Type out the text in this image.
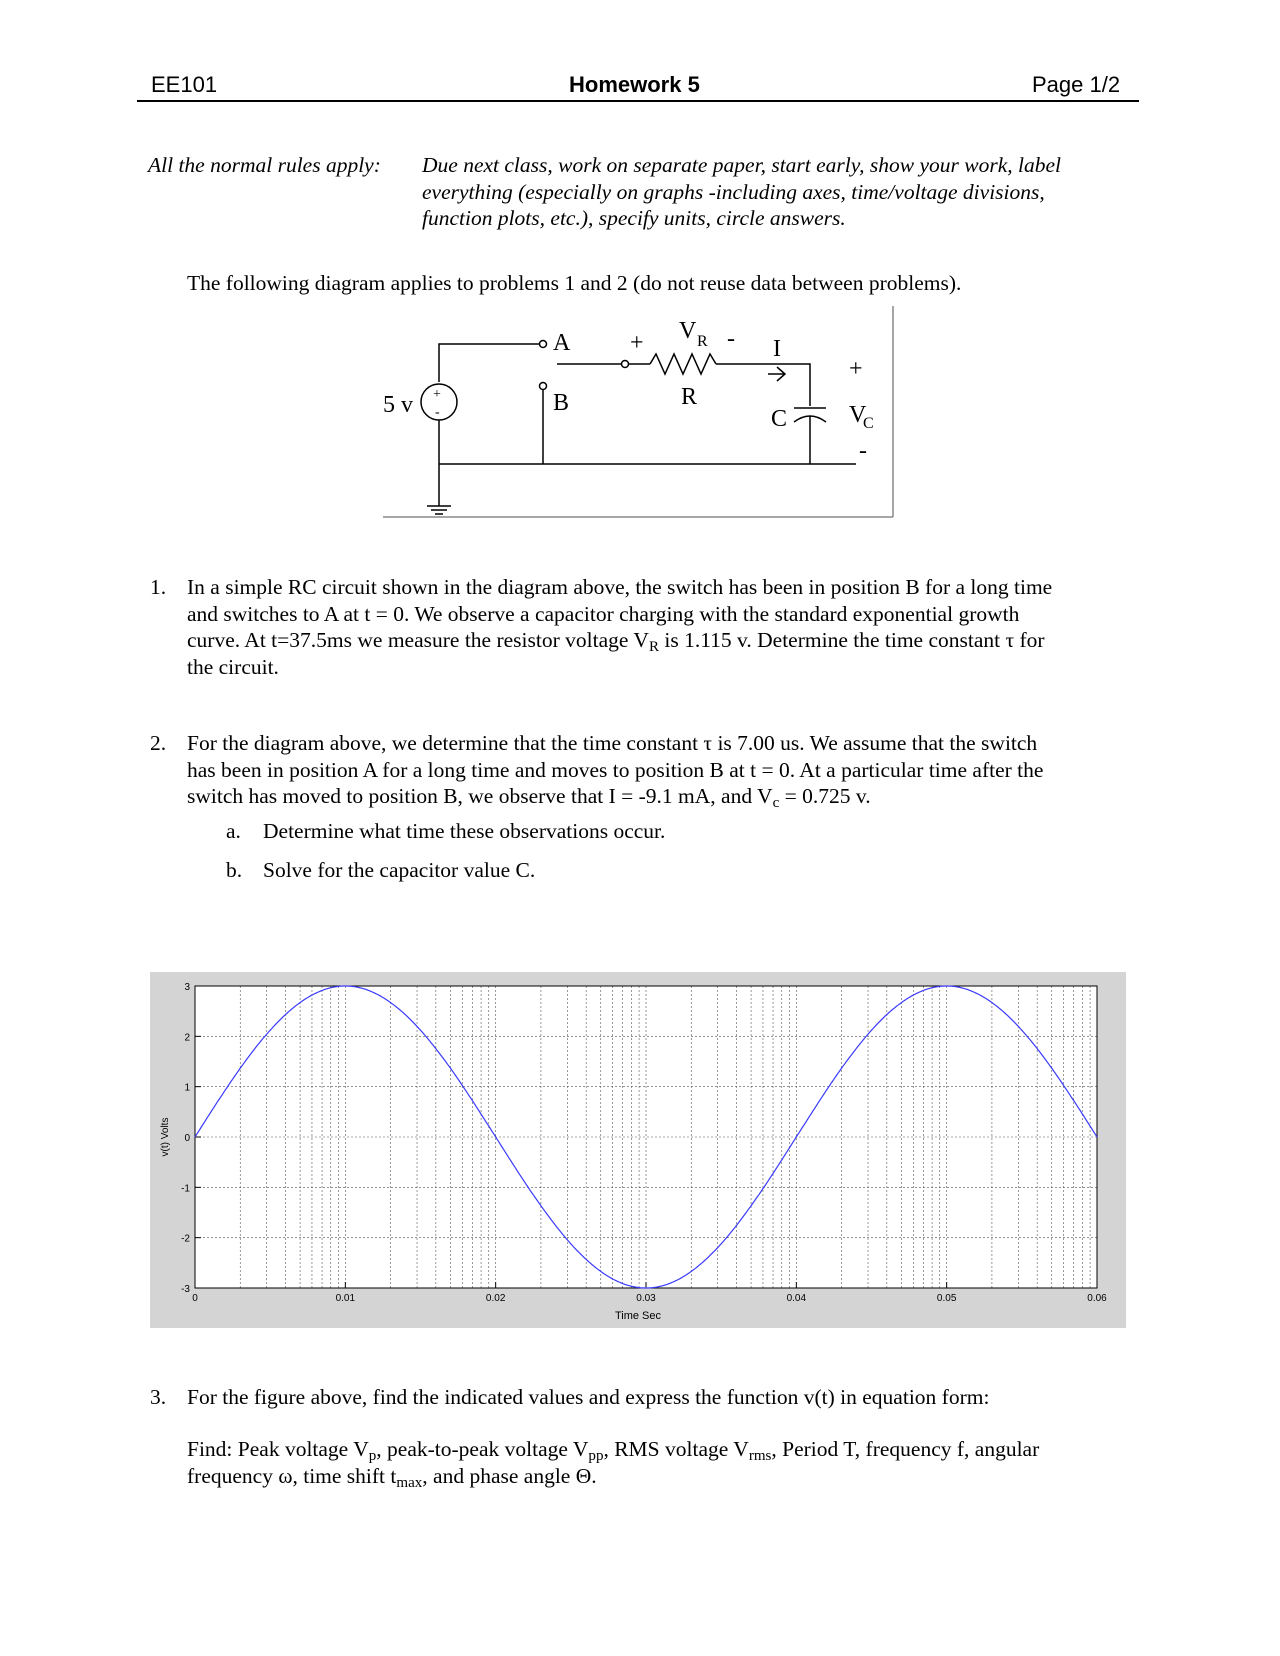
EE101	Homework 5	Page 1/2
All the normal rules apply: Due next class, work on separate paper, start early, show your work, label
everything (especially on graphs -including axes, time/voltage divisions,
function plots, etc.), specify units, circle answers.
The following diagram applies to problems 1 and 2 (do not reuse data between problems).
+
-
5 v
A
B
+ V R - I
R
C
+
V
C
-
1. In a simple RC circuit shown in the diagram above, the switch has been in position B for a long time
and switches to A at t = 0. We observe a capacitor charging with the standard exponential growth
curve. At t=37.5ms we measure the resistor voltage $V_R$ is 1.115 v. Determine the time constant τ for
the circuit.
2. For the diagram above, we determine that the time constant τ is 7.00 us. We assume that the switch
has been in position A for a long time and moves to position B at t = 0. At a particular time after the
switch has moved to position B, we observe that I = -9.1 mA, and $V_c = 0.725$ v.
a. Determine what time these observations occur.
b. Solve for the capacitor value C.
3
2
1
0
-1
-2
-3
0	0.01	0.02	0.03	0.04	0.05	0.06
Time Sec
v(t) Volts
3. For the figure above, find the indicated values and express the function v(t) in equation form:
Find: Peak voltage $V_p$, peak-to-peak voltage $V_{pp}$, RMS voltage $V_{rms}$, Period T, frequency f, angular
frequency ω, time shift $t_{max}$, and phase angle Θ.
